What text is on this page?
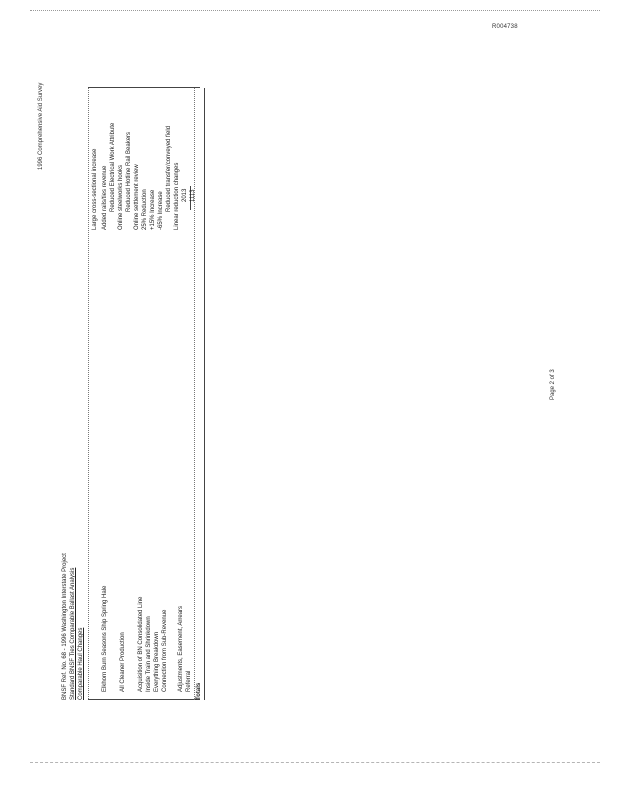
R004738
1996 Comprehensive Aid Survey
Page 2 of 3
BNSF Ref. No. 68 - 1996 Washington Interstate Project Standard BNSF Ties Comparable Ballast Analysis Comparable Haul Changes	Elkhorn Burn Seasons Ship Spring Hale All Cleaner Production Acquisition of BN Consolidated Line Inside Train and Shrinkdown Everything Breakdown Connection from Sub-Revenue Adjustments, Easement, Arrears Referral
Large cross-sectional increase Added rails/ties revenue Reduced Electrical Work Attribute Online steelworks hooks Reduced Hotline Rail Beakers Online settlement review 25% Reduction +15% Increase -65% Increase Reduced transfer/conveyed field Linear reduction changes 2013 1113
Totals
